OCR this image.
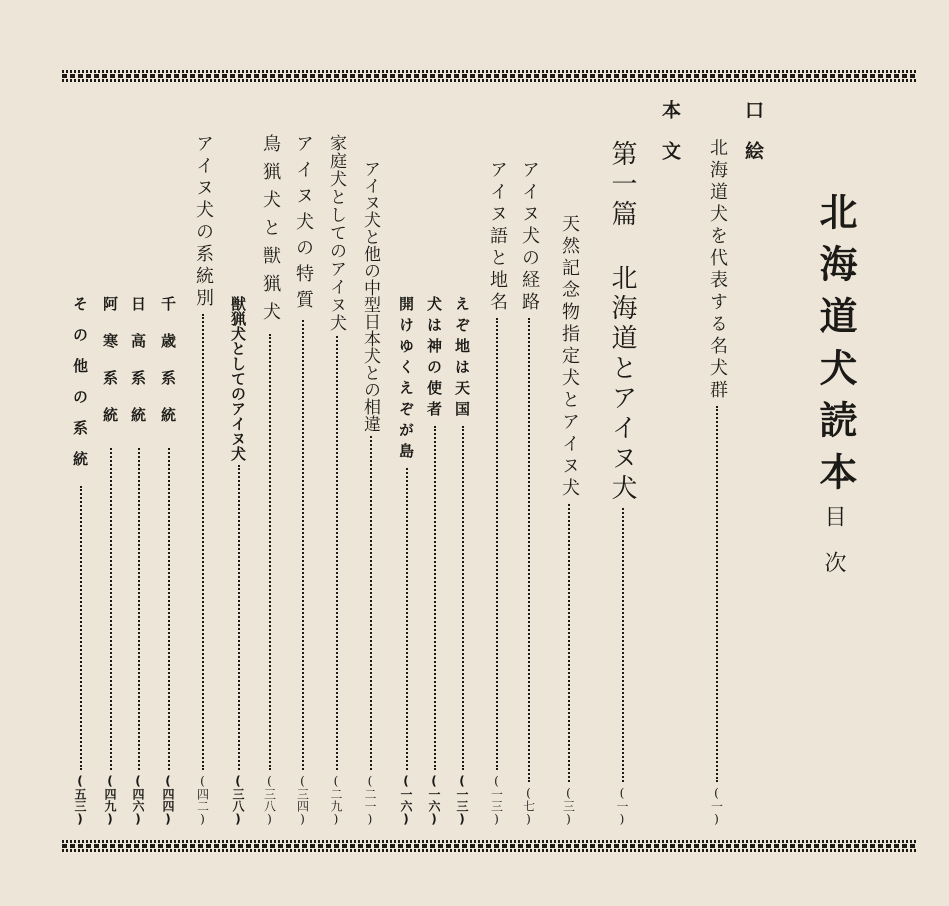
北海道犬読本
目次
口絵
北海道犬を代表する名犬群
(一)
本文
第一篇 北海道とアイヌ犬
(一)
天然記念物指定犬とアイヌ犬
(三)
アイヌ犬の経路
(七)
アイヌ語と地名
(一三)
えぞ地は天国
(一三)
犬は神の使者
(一六)
開けゆくえぞが島
(一六)
アイヌ犬と他の中型日本犬との相違
(二一)
家庭犬としてのアイヌ犬
(二九)
アイヌ犬の特質
(三四)
鳥猟犬と獣猟犬
(三八)
獣猟犬としてのアイヌ犬
(三八)
アイヌ犬の系統別
(四二)
千歳系統
(四四)
日高系統
(四六)
阿寒系統
(四九)
その他の系統
(五三)
